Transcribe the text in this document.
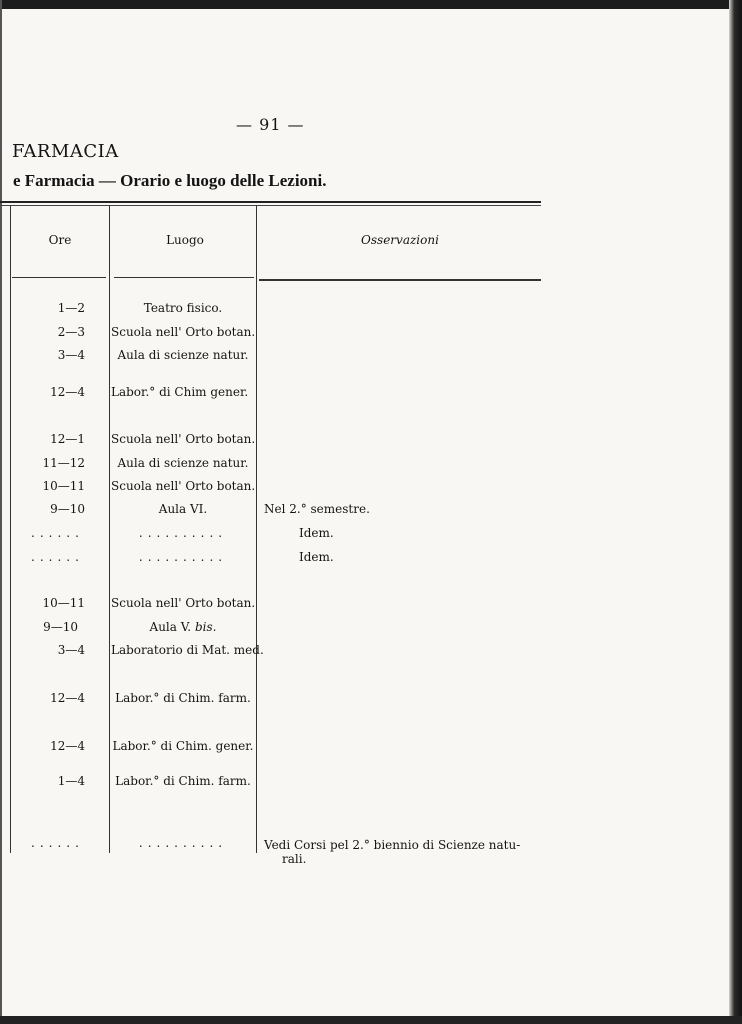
— 91 —
FARMACIA
e Farmacia — Orario e luogo delle Lezioni.
Ore	Luogo	Osservazioni
1—2	Teatro fisico.
2—3 Scuola nell' Orto botan.
3—4	Aula di scienze natur.
12—4 Labor.° di Chim gener.
12—1 Scuola nell' Orto botan.
11—12	Aula di scienze natur.
10—11 Scuola nell' Orto botan.
9—10	Aula VI.	Nel 2.° semestre.
......	..........	Idem.
......	..........	Idem.
10—11 Scuola nell' Orto botan.
9—10	Aula V. bis.
3—4 Laboratorio di Mat. med.
12—4	Labor.° di Chim. farm.
12—4 Labor.° di Chim. gener.
1—4	Labor.° di Chim. farm.
......	..........	Vedi Corsi pel 2.° biennio di Scienze natu-
rali.
